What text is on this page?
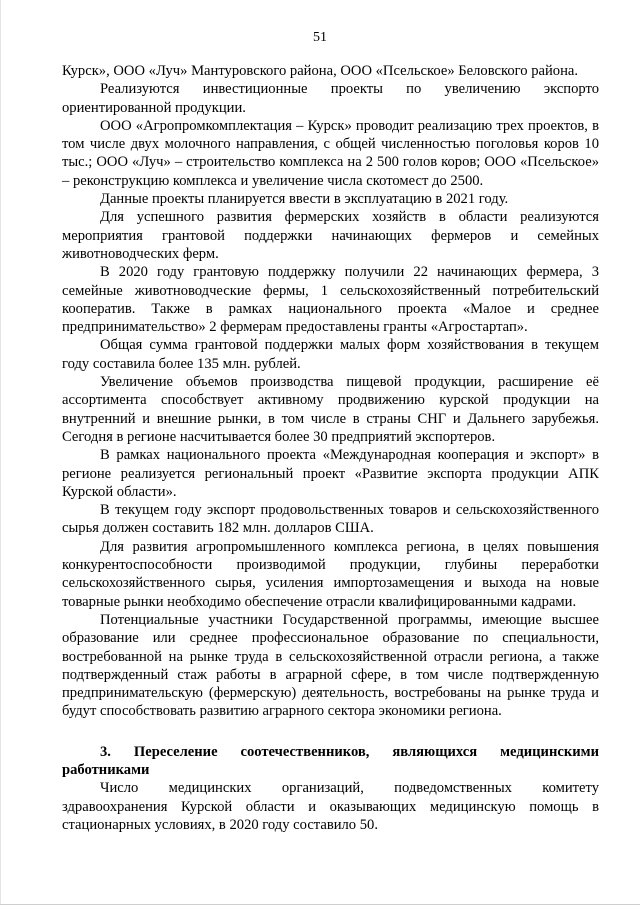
51

Курск», ООО «Луч» Мантуровского района, ООО «Псельское» Беловского района.

Реализуются инвестиционные проекты по увеличению экспорто ориентированной продукции.

ООО «Агропромкомплектация – Курск» проводит реализацию трех проектов, в том числе двух молочного направления, с общей численностью поголовья коров 10 тыс.; ООО «Луч» – строительство комплекса на 2 500 голов коров; ООО «Псельское» – реконструкцию комплекса и увеличение числа скотомест до 2500.

Данные проекты планируется ввести в эксплуатацию в 2021 году.

Для успешного развития фермерских хозяйств в области реализуются мероприятия грантовой поддержки начинающих фермеров и семейных животноводческих ферм.

В 2020 году грантовую поддержку получили 22 начинающих фермера, 3 семейные животноводческие фермы, 1 сельскохозяйственный потребительский кооператив. Также в рамках национального проекта «Малое и среднее предпринимательство» 2 фермерам предоставлены гранты «Агростартап».

Общая сумма грантовой поддержки малых форм хозяйствования в текущем году составила более 135 млн. рублей.

Увеличение объемов производства пищевой продукции, расширение её ассортимента способствует активному продвижению курской продукции на внутренний и внешние рынки, в том числе в страны СНГ и Дальнего зарубежья. Сегодня в регионе насчитывается более 30 предприятий экспортеров.

В рамках национального проекта «Международная кооперация и экспорт» в регионе реализуется региональный проект «Развитие экспорта продукции АПК Курской области».

В текущем году экспорт продовольственных товаров и сельскохозяйственного сырья должен составить 182 млн. долларов США.

Для развития агропромышленного комплекса региона, в целях повышения конкурентоспособности производимой продукции, глубины переработки сельскохозяйственного сырья, усиления импортозамещения и выхода на новые товарные рынки необходимо обеспечение отрасли квалифицированными кадрами.

Потенциальные участники Государственной программы, имеющие высшее образование или среднее профессиональное образование по специальности, востребованной на рынке труда в сельскохозяйственной отрасли региона, а также подтвержденный стаж работы в аграрной сфере, в том числе подтвержденную предпринимательскую (фермерскую) деятельность, востребованы на рынке труда и будут способствовать развитию аграрного сектора экономики региона.

3. Переселение соотечественников, являющихся медицинскими работниками

Число медицинских организаций, подведомственных комитету здравоохранения Курской области и оказывающих медицинскую помощь в стационарных условиях, в 2020 году составило 50.
